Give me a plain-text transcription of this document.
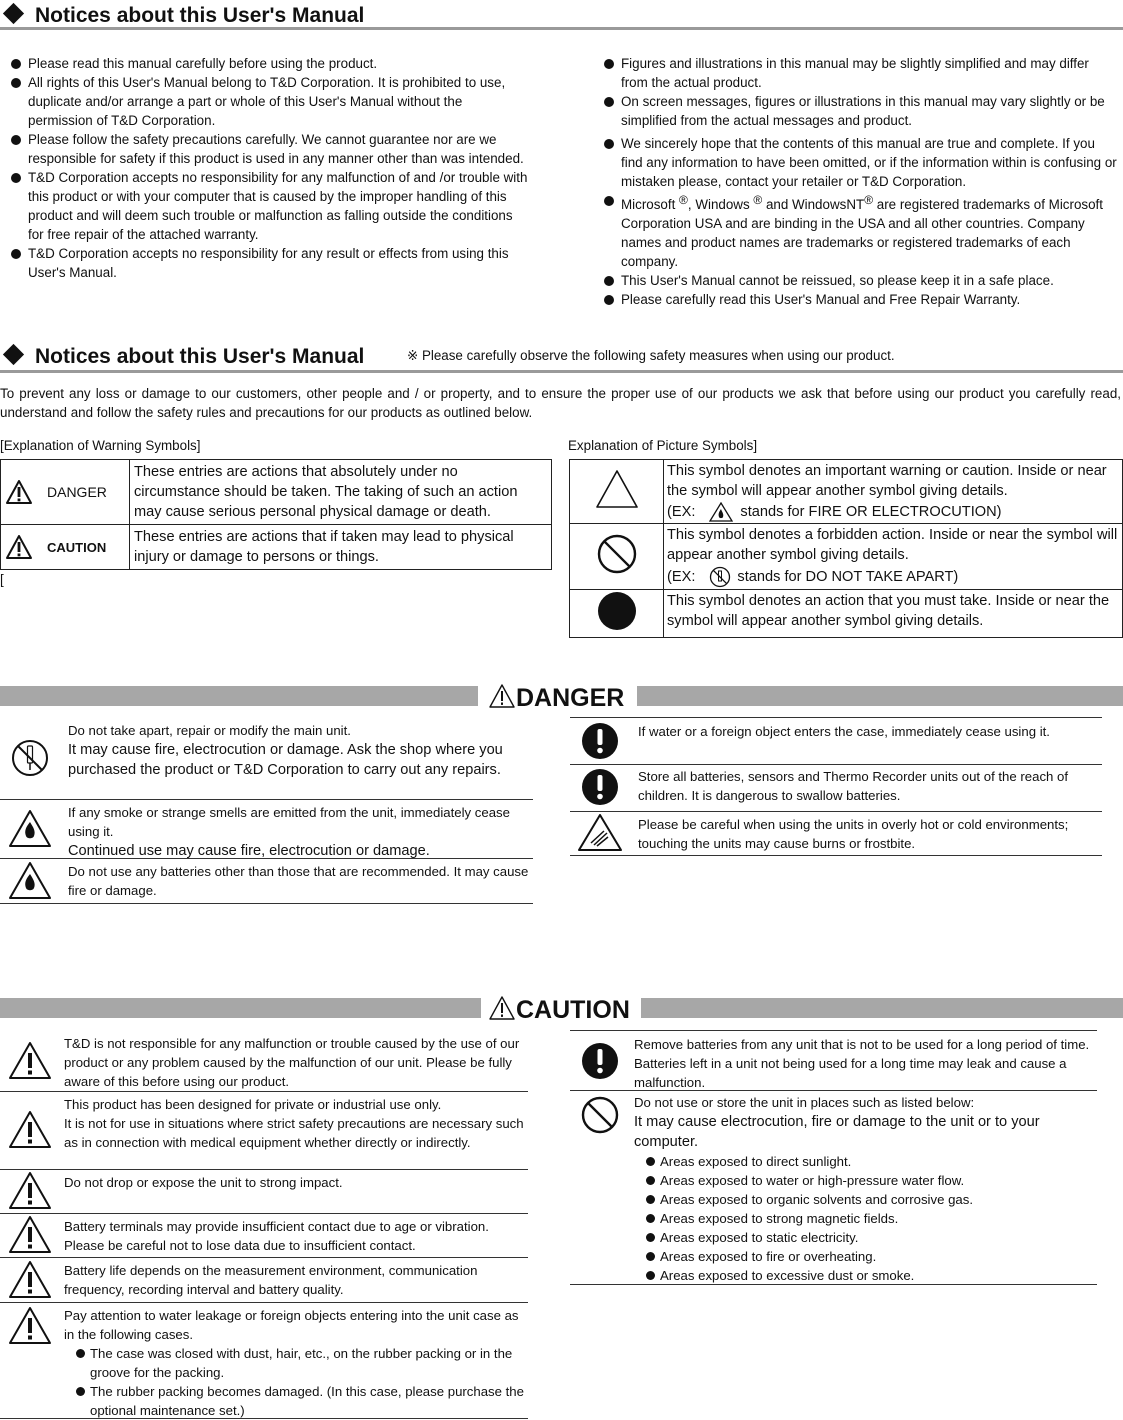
Notices about this User's Manual
Please read this manual carefully before using the product.
All rights of this User's Manual belong to T&D Corporation. It is prohibited to use, duplicate and/or arrange a part or whole of this User's Manual without the permission of T&D Corporation.
Please follow the safety precautions carefully. We cannot guarantee nor are we responsible for safety if this product is used in any manner other than was intended.
T&D Corporation accepts no responsibility for any malfunction of and /or trouble with this product or with your computer that is caused by the improper handling of this product and will deem such trouble or malfunction as falling outside the conditions for free repair of the attached warranty.
T&D Corporation accepts no responsibility for any result or effects from using this User's Manual.
Figures and illustrations in this manual may be slightly simplified and may differ from the actual product.
On screen messages, figures or illustrations in this manual may vary slightly or be simplified from the actual messages and product.
We sincerely hope that the contents of this manual are true and complete. If you find any information to have been omitted, or if the information within is confusing or mistaken please, contact your retailer or T&D Corporation.
Microsoft ®, Windows ® and WindowsNT® are registered trademarks of Microsoft Corporation USA and are binding in the USA and all other countries. Company names and product names are trademarks or registered trademarks of each company.
This User's Manual cannot be reissued, so please keep it in a safe place.
Please carefully read this User's Manual and Free Repair Warranty.
Notices about this User's Manual	※ Please carefully observe the following safety measures when using our product.
To prevent any loss or damage to our customers, other people and / or property, and to ensure the proper use of our products we ask that before using our product you carefully read, understand and follow the safety rules and precautions for our products as outlined below.
[Explanation of Warning Symbols]
DANGER	These entries are actions that absolutely under no circumstance should be taken. The taking of such an action may cause serious personal physical damage or death.

CAUTION	These entries are actions that if taken may lead to physical injury or damage to persons or things.
[
Explanation of Picture Symbols]

This symbol denotes an important warning or caution. Inside or near the symbol will appear another symbol giving details.
(EX: stands for FIRE OR ELECTROCUTION)

This symbol denotes a forbidden action. Inside or near the symbol will appear another symbol giving details.
(EX: stands for DO NOT TAKE APART)

	This symbol denotes an action that you must take. Inside or near the symbol will appear another symbol giving details.
DANGER
Do not take apart, repair or modify the main unit.
It may cause fire, electrocution or damage. Ask the shop where you purchased the product or T&D Corporation to carry out any repairs.
If any smoke or strange smells are emitted from the unit, immediately cease using it.
Continued use may cause fire, electrocution or damage.
Do not use any batteries other than those that are recommended. It may cause fire or damage.
If water or a foreign object enters the case, immediately cease using it.
Store all batteries, sensors and Thermo Recorder units out of the reach of children. It is dangerous to swallow batteries.
Please be careful when using the units in overly hot or cold environments; touching the units may cause burns or frostbite.
CAUTION
T&D is not responsible for any malfunction or trouble caused by the use of our product or any problem caused by the malfunction of our unit. Please be fully aware of this before using our product.
This product has been designed for private or industrial use only.
It is not for use in situations where strict safety precautions are necessary such as in connection with medical equipment whether directly or indirectly.
Do not drop or expose the unit to strong impact.
Battery terminals may provide insufficient contact due to age or vibration. Please be careful not to lose data due to insufficient contact.
Battery life depends on the measurement environment, communication frequency, recording interval and battery quality.
Pay attention to water leakage or foreign objects entering into the unit case as in the following cases.
The case was closed with dust, hair, etc., on the rubber packing or in the groove for the packing.
The rubber packing becomes damaged. (In this case, please purchase the optional maintenance set.)
Remove batteries from any unit that is not to be used for a long period of time. Batteries left in a unit not being used for a long time may leak and cause a malfunction.
Do not use or store the unit in places such as listed below:
It may cause electrocution, fire or damage to the unit or to your computer.
Areas exposed to direct sunlight.
Areas exposed to water or high-pressure water flow.
Areas exposed to organic solvents and corrosive gas.
Areas exposed to strong magnetic fields.
Areas exposed to static electricity.
Areas exposed to fire or overheating.
Areas exposed to excessive dust or smoke.
